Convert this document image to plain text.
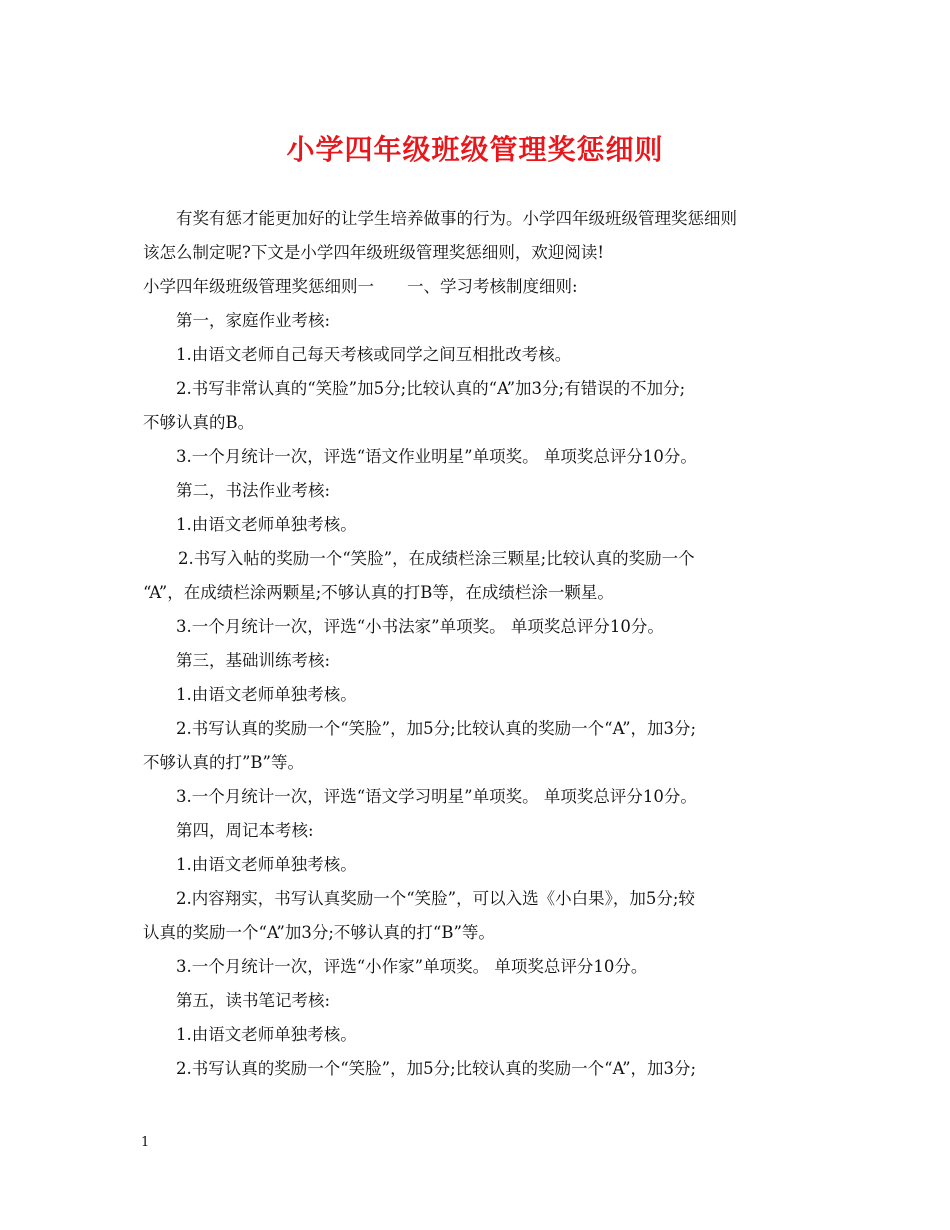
小学四年级班级管理奖惩细则
有奖有惩才能更加好的让学生培养做事的行为。小学四年级班级管理奖惩细则
该怎么制定呢?下文是小学四年级班级管理奖惩细则，欢迎阅读!
小学四年级班级管理奖惩细则一　　一、学习考核制度细则:
第一，家庭作业考核:
1.由语文老师自己每天考核或同学之间互相批改考核。
2.书写非常认真的“笑脸”加5分;比较认真的“A”加3分;有错误的不加分;
不够认真的B。
3.一个月统计一次，评选“语文作业明星”单项奖。 单项奖总评分10分。
第二，书法作业考核:
1.由语文老师单独考核。
2.书写入帖的奖励一个“笑脸”，在成绩栏涂三颗星;比较认真的奖励一个
“A”，在成绩栏涂两颗星;不够认真的打B等，在成绩栏涂一颗星。
3.一个月统计一次，评选“小书法家”单项奖。 单项奖总评分10分。
第三，基础训练考核:
1.由语文老师单独考核。
2.书写认真的奖励一个“笑脸”，加5分;比较认真的奖励一个“A”，加3分;
不够认真的打”B”等。
3.一个月统计一次，评选“语文学习明星”单项奖。 单项奖总评分10分。
第四，周记本考核:
1.由语文老师单独考核。
2.内容翔实，书写认真奖励一个“笑脸”，可以入选《小白果》，加5分;较
认真的奖励一个“A”加3分;不够认真的打“B”等。
3.一个月统计一次，评选“小作家”单项奖。 单项奖总评分10分。
第五，读书笔记考核:
1.由语文老师单独考核。
2.书写认真的奖励一个“笑脸”，加5分;比较认真的奖励一个“A”，加3分;
1
